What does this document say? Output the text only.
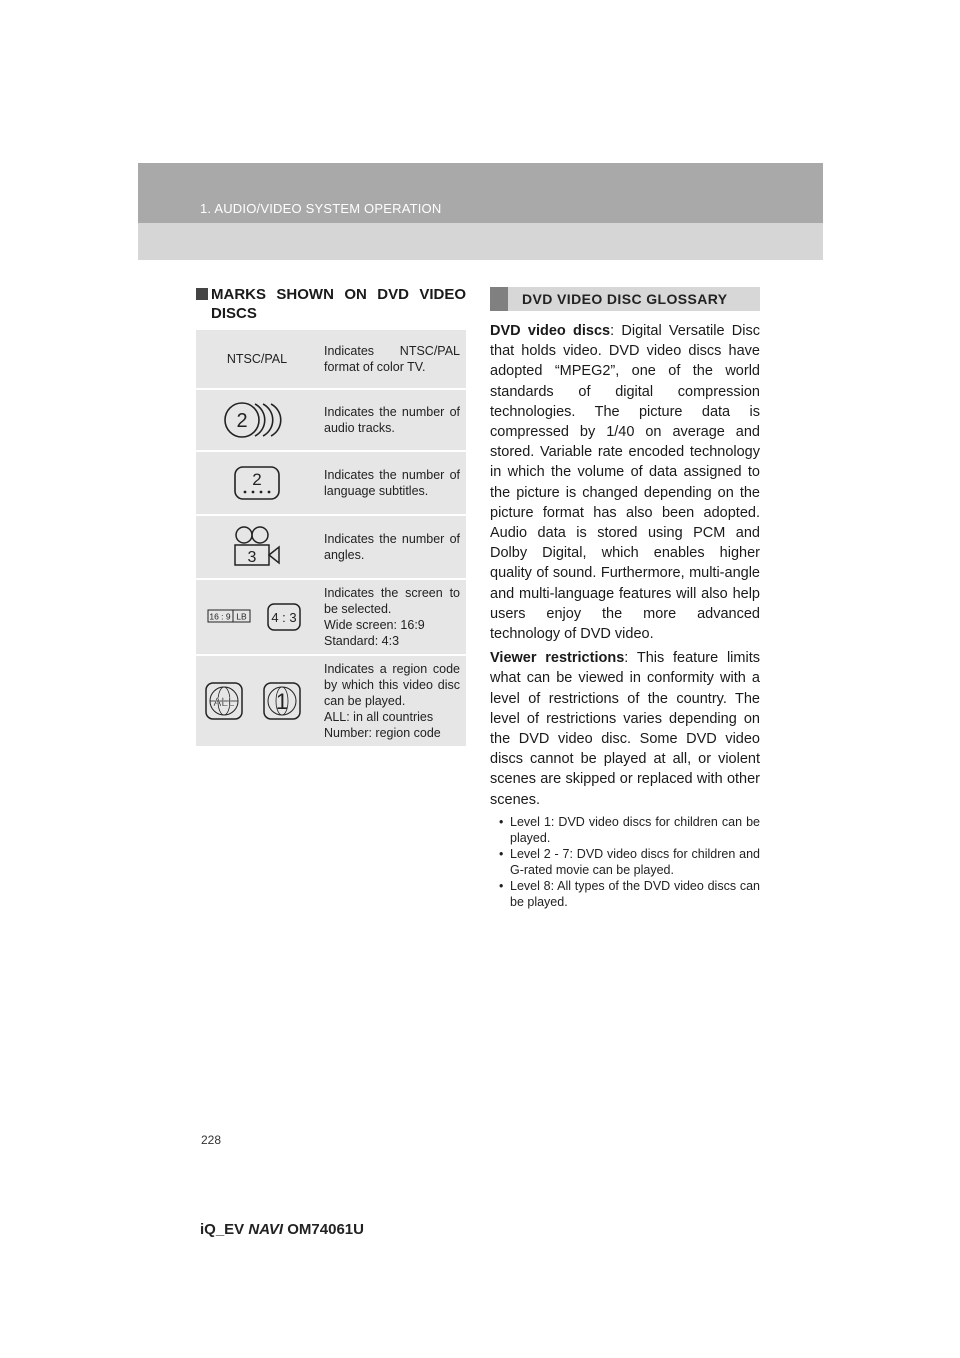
1. AUDIO/VIDEO SYSTEM OPERATION
MARKS SHOWN ON DVD VIDEO DISCS
NTSC/PAL
Indicates NTSC/PAL format of color TV.
2	Indicates the number of audio tracks.
2	Indicates the number of language subtitles.
3
Indicates the number of angles.
16 : 9 LB 4 : 3
Indicates the screen to be selected.
Wide screen: 16:9
Standard: 4:3
ALL 1
Indicates a region code by which this video disc can be played.
ALL: in all countries
Number: region code
DVD VIDEO DISC GLOSSARY

DVD video discs: Digital Versatile Disc that holds video. DVD video discs have adopted “MPEG2”, one of the world standards of digital compression technologies. The picture data is compressed by 1/40 on average and stored. Variable rate encoded technology in which the volume of data assigned to the picture is changed depending on the picture format has also been adopted. Audio data is stored using PCM and Dolby Digital, which enables higher quality of sound. Furthermore, multi-angle and multi-language features will also help users enjoy the more advanced technology of DVD video.

Viewer restrictions: This feature limits what can be viewed in conformity with a level of restrictions of the country. The level of restrictions varies depending on the DVD video disc. Some DVD video discs cannot be played at all, or violent scenes are skipped or replaced with other scenes.

• Level 1: DVD video discs for children can be played.
• Level 2 - 7: DVD video discs for children and G-rated movie can be played.
• Level 8: All types of the DVD video discs can be played.
228
iQ_EV NAVI OM74061U
